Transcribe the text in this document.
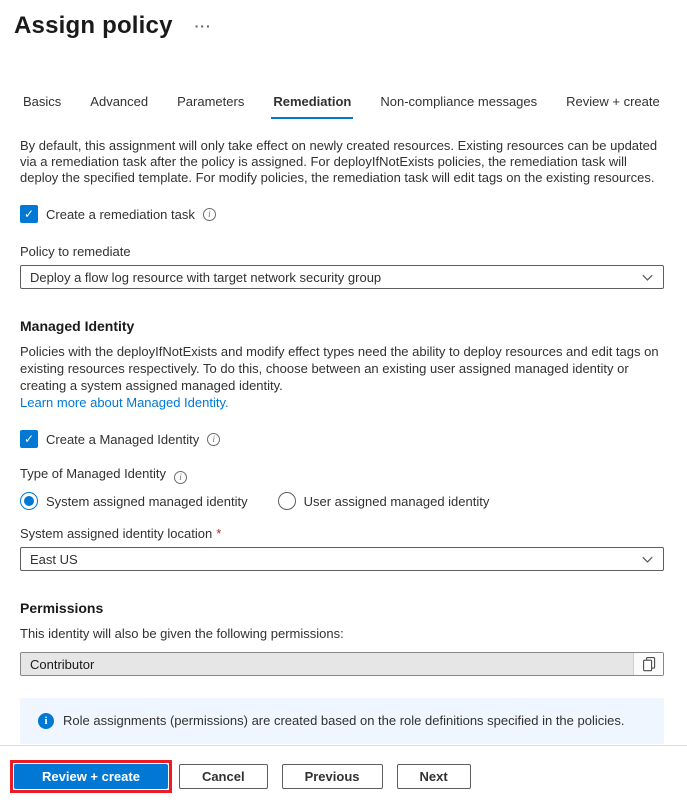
Assign policy ···
Basics Advanced Parameters Remediation Non-compliance messages Review + create
By default, this assignment will only take effect on newly created resources. Existing resources can be updated via a remediation task after the policy is assigned. For deployIfNotExists policies, the remediation task will deploy the specified template. For modify policies, the remediation task will edit tags on the existing resources.
✓ Create a remediation task	i
Policy to remediate
Deploy a flow log resource with target network security group
Managed Identity
Policies with the deployIfNotExists and modify effect types need the ability to deploy resources and edit tags on existing resources respectively. To do this, choose between an existing user assigned managed identity or creating a system assigned managed identity.
Learn more about Managed Identity.
✓ Create a Managed Identity	i
Type of Managed Identity i
System assigned managed identity	User assigned managed identity
System assigned identity location *
East US
Permissions
This identity will also be given the following permissions:
Contributor
i	Role assignments (permissions) are created based on the role definitions specified in the policies.
Review + create	Cancel	Previous	Next
